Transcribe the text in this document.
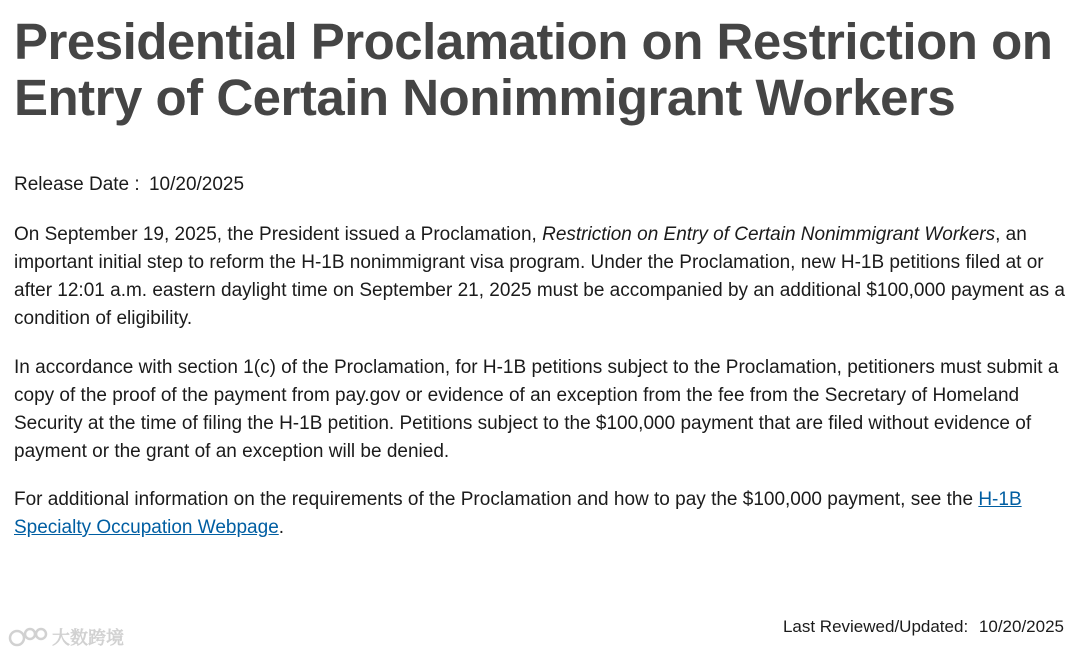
Presidential Proclamation on Restriction on Entry of Certain Nonimmigrant Workers
Release Date : 10/20/2025

On September 19, 2025, the President issued a Proclamation, Restriction on Entry of Certain Nonimmigrant Workers, an important initial step to reform the H-1B nonimmigrant visa program. Under the Proclamation, new H-1B petitions filed at or after 12:01 a.m. eastern daylight time on September 21, 2025 must be accompanied by an additional $100,000 payment as a condition of eligibility.

In accordance with section 1(c) of the Proclamation, for H-1B petitions subject to the Proclamation, petitioners must submit a copy of the proof of the payment from pay.gov or evidence of an exception from the fee from the Secretary of Homeland Security at the time of filing the H-1B petition. Petitions subject to the $100,000 payment that are filed without evidence of payment or the grant of an exception will be denied.

For additional information on the requirements of the Proclamation and how to pay the $100,000 payment, see the H-1B Specialty Occupation Webpage.

大数跨境
Last Reviewed/Updated: 10/20/2025
